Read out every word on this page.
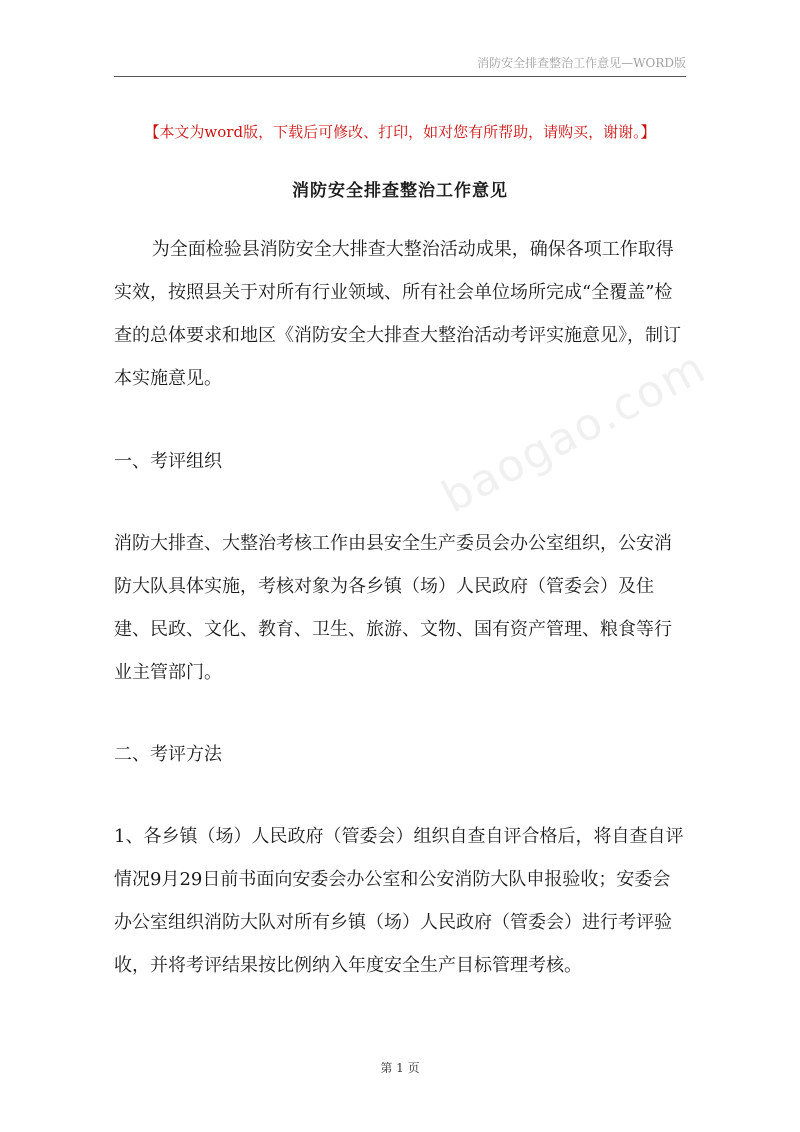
消防安全排查整治工作意见—WORD版
【本文为word版，下载后可修改、打印，如对您有所帮助，请购买，谢谢。】
消防安全排查整治工作意见

为全面检验县消防安全大排查大整治活动成果，确保各项工作取得实效，按照县关于对所有行业领域、所有社会单位场所完成“全覆盖”检查的总体要求和地区《消防安全大排查大整治活动考评实施意见》，制订本实施意见。

一、考评组织	baogao.com

消防大排查、大整治考核工作由县安全生产委员会办公室组织，公安消防大队具体实施，考核对象为各乡镇（场）人民政府（管委会）及住建、民政、文化、教育、卫生、旅游、文物、国有资产管理、粮食等行业主管部门。

二、考评方法

1、各乡镇（场）人民政府（管委会）组织自查自评合格后，将自查自评情况9月29日前书面向安委会办公室和公安消防大队申报验收；安委会办公室组织消防大队对所有乡镇（场）人民政府（管委会）进行考评验收，并将考评结果按比例纳入年度安全生产目标管理考核。

第 1 页
